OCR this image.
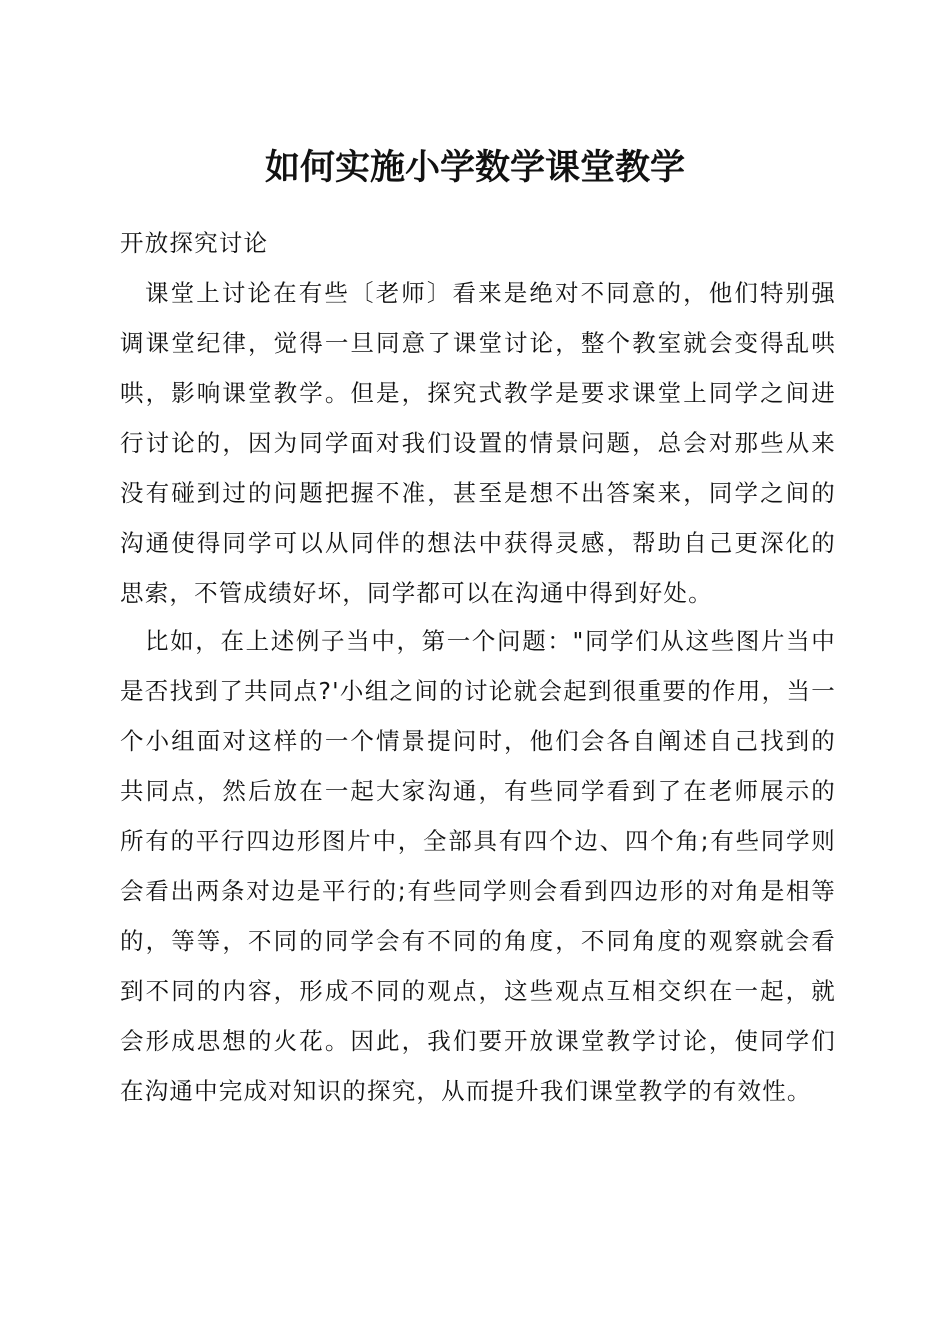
如何实施小学数学课堂教学

开放探究讨论

课堂上讨论在有些〔老师〕看来是绝对不同意的，他们特别强调课堂纪律，觉得一旦同意了课堂讨论，整个教室就会变得乱哄哄，影响课堂教学。但是，探究式教学是要求课堂上同学之间进行讨论的，因为同学面对我们设置的情景问题，总会对那些从来没有碰到过的问题把握不准，甚至是想不出答案来，同学之间的沟通使得同学可以从同伴的想法中获得灵感，帮助自己更深化的思索，不管成绩好坏，同学都可以在沟通中得到好处。

比如，在上述例子当中，第一个问题："同学们从这些图片当中是否找到了共同点?'小组之间的讨论就会起到很重要的作用，当一个小组面对这样的一个情景提问时，他们会各自阐述自己找到的共同点，然后放在一起大家沟通，有些同学看到了在老师展示的所有的平行四边形图片中，全部具有四个边、四个角;有些同学则会看出两条对边是平行的;有些同学则会看到四边形的对角是相等的，等等，不同的同学会有不同的角度，不同角度的观察就会看到不同的内容，形成不同的观点，这些观点互相交织在一起，就会形成思想的火花。因此，我们要开放课堂教学讨论，使同学们在沟通中完成对知识的探究，从而提升我们课堂教学的有效性。
